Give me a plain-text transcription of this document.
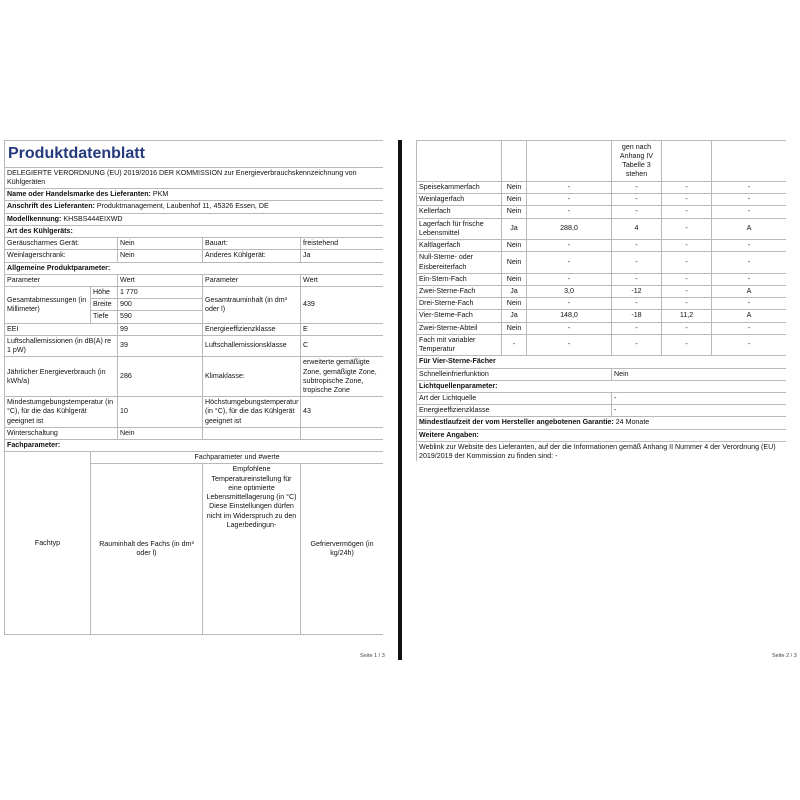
Produktdatenblatt				
DELEGIERTE VERORDNUNG (EU) 2019/2016 DER KOMMISSION zur Energieverbrauchskennzeichnung von Kühlgeräten				
Name oder Handelsmarke des Lieferanten: PKM				
Anschrift des Lieferanten: Produktmanagement, Laubenhof 11, 45326 Essen, DE				
Modellkennung: KHSBS444EIXWD				
Art des Kühlgeräts:				
Geräuscharmes Gerät:		Nein	Bauart:	freistehend
Weinlagerschrank:		Nein	Anderes Kühlgerät:	Ja
Allgemeine Produktparameter:				
Parameter		Wert	Parameter	Wert
Gesamtabmessungen (in Millimeter)	Höhe	1 770	Gesamtrauminhalt (in dm³ oder l)	439
	Breite	900		
	Tiefe	590		
EEI		99	Energieeffizienzklasse	E
Luftschallemissionen (in dB(A) re 1 pW)		39	Luftschallemissionsklasse	C
Jährlicher Energieverbrauch (in kWh/a)		286	Klimaklasse:	erweiterte gemäßigte Zone, gemäßigte Zone, subtropische Zone, tropische Zone
Mindestumgebungstemperatur (in °C), für die das Kühlgerät geeignet ist		10	Höchstumgebungstemperatur (in °C), für die das Kühlgerät geeignet ist	43
Winterschaltung		Nein		
Fachparameter:				
Fachtyp	Fachparameter und #werte			
	Rauminhalt des Fachs (in dm³ oder l)		Empfohlene Temperatureinstellung für eine optimierte Lebensmittellagerung (in °C) Diese Einstellungen dürfen nicht im Widerspruch zu den Lagerbedingun-	Gefriervermögen (in kg/24h)
Seite 1 / 3
			gen nach Anhang IV Tabelle 3 stehen		
Speisekammerfach	Nein	-	-	-	-
Weinlagerfach	Nein	-	-	-	-
Kellerfach	Nein	-	-	-	-
Lagerfach für frische Lebensmittel	Ja	288,0	4	-	A
Kaltlagerfach	Nein	-	-	-	-
Null-Sterne- oder Eisbereiterfach	Nein	-	-	-	-
Ein-Stern-Fach	Nein	-	-	-	-
Zwei-Sterne-Fach	Ja	3,0	-12	-	A
Drei-Sterne-Fach	Nein	-	-	-	-
Vier-Sterne-Fach	Ja	148,0	-18	11,2	A
Zwei-Sterne-Abteil	Nein	-	-	-	-
Fach mit variabler Temperatur	-	-	-	-	-
Für Vier-Sterne-Fächer					
Schnelleinfrierfunktion			Nein		
Lichtquellenparameter:					
Art der Lichtquelle			-		
Energieeffizienzklasse			-		
Mindestlaufzeit der vom Hersteller angebotenen Garantie: 24 Monate					
Weitere Angaben:					
Weblink zur Website des Lieferanten, auf der die Informationen gemäß Anhang II Nummer 4 der Verordnung (EU) 2019/2019 der Kommission zu finden sind: -					
Seite 2 / 3
